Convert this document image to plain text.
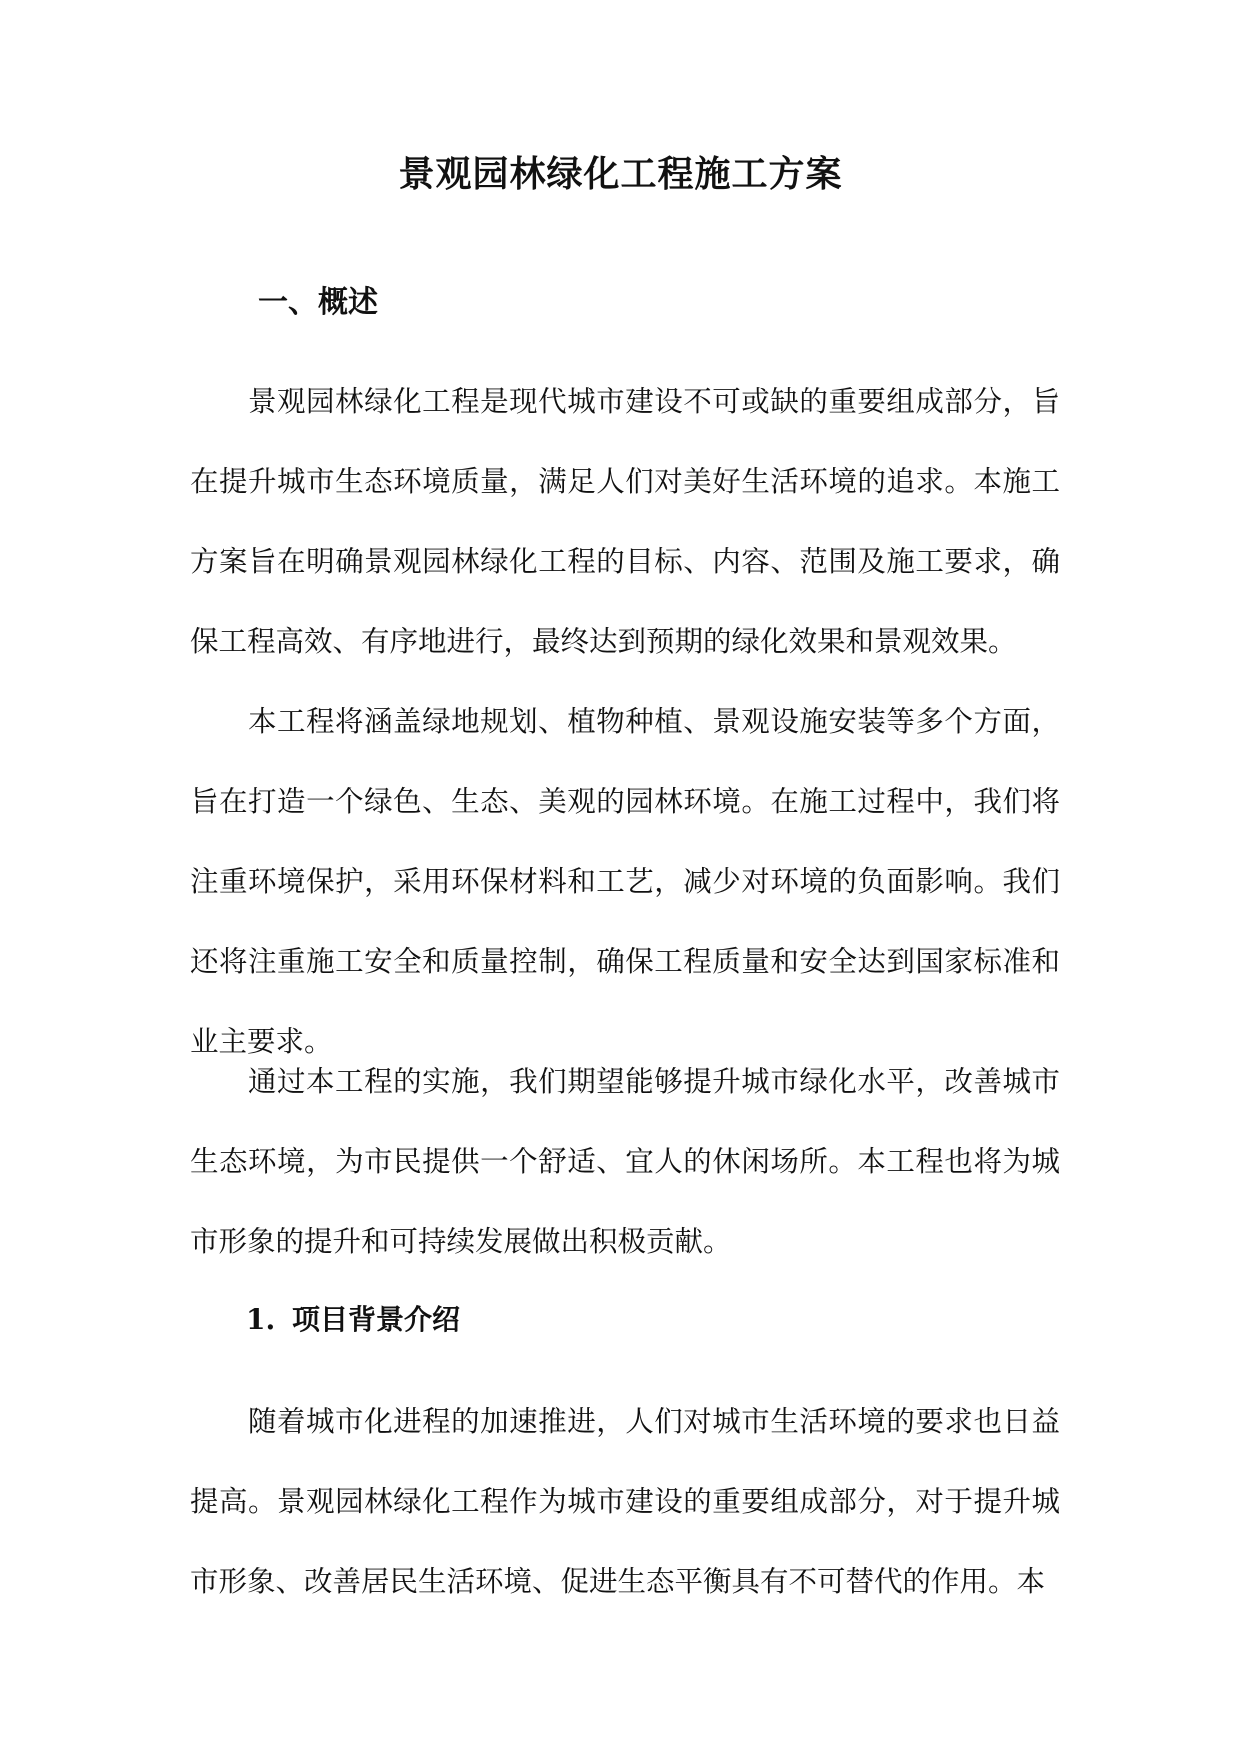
景观园林绿化工程施工方案
一、概述

景观园林绿化工程是现代城市建设不可或缺的重要组成部分，旨在提升城市生态环境质量，满足人们对美好生活环境的追求。本施工方案旨在明确景观园林绿化工程的目标、内容、范围及施工要求，确保工程高效、有序地进行，最终达到预期的绿化效果和景观效果。

本工程将涵盖绿地规划、植物种植、景观设施安装等多个方面，旨在打造一个绿色、生态、美观的园林环境。在施工过程中，我们将注重环境保护，采用环保材料和工艺，减少对环境的负面影响。我们还将注重施工安全和质量控制，确保工程质量和安全达到国家标准和业主要求。

通过本工程的实施，我们期望能够提升城市绿化水平，改善城市生态环境，为市民提供一个舒适、宜人的休闲场所。本工程也将为城市形象的提升和可持续发展做出积极贡献。

1. 项目背景介绍

随着城市化进程的加速推进，人们对城市生活环境的要求也日益提高。景观园林绿化工程作为城市建设的重要组成部分，对于提升城市形象、改善居民生活环境、促进生态平衡具有不可替代的作用。本
